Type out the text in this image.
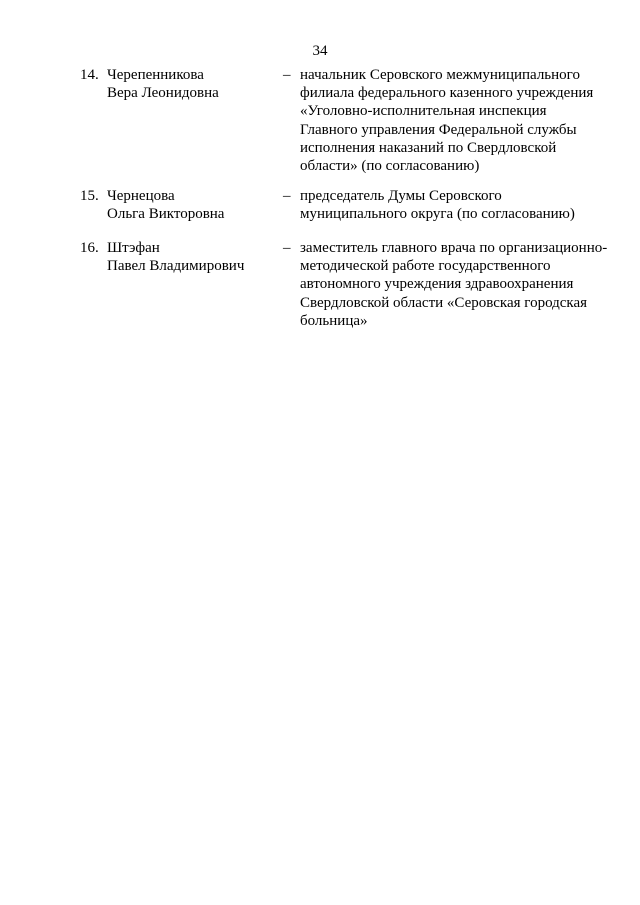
34
14. Черепенникова
Вера Леонидовна
– начальник Серовского межмуниципального
филиала федерального казенного учреждения
«Уголовно-исполнительная инспекция
Главного управления Федеральной службы
исполнения наказаний по Свердловской
области» (по согласованию)
15. Чернецова
Ольга Викторовна
– председатель Думы Серовского
муниципального округа (по согласованию)
16. Штэфан
Павел Владимирович
– заместитель главного врача по организационно-
методической работе государственного
автономного учреждения здравоохранения
Свердловской области «Серовская городская
больница»
